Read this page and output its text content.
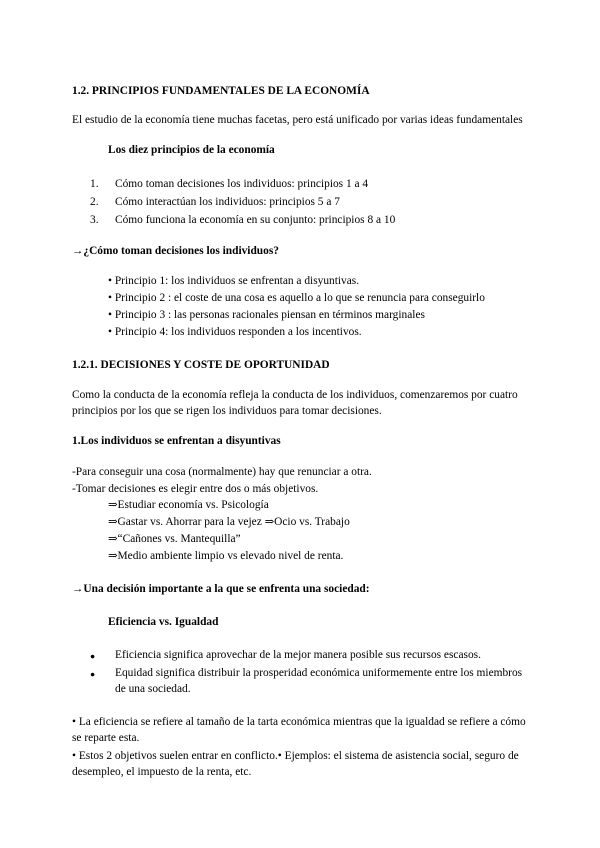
1.2. PRINCIPIOS FUNDAMENTALES DE LA ECONOMÍA

El estudio de la economía tiene muchas facetas, pero está unificado por varias ideas fundamentales

Los diez principios de la economía

1.	Cómo toman decisiones los individuos: principios 1 a 4
2.	Cómo interactúan los individuos: principios 5 a 7
3.	Cómo funciona la economía en su conjunto: principios 8 a 10

→¿Cómo toman decisiones los individuos?

• Principio 1: los individuos se enfrentan a disyuntivas.

• Principio 2 : el coste de una cosa es aquello a lo que se renuncia para conseguirlo

• Principio 3 : las personas racionales piensan en términos marginales

• Principio 4: los individuos responden a los incentivos.

1.2.1. DECISIONES Y COSTE DE OPORTUNIDAD

Como la conducta de la economía refleja la conducta de los individuos, comenzaremos por cuatro principios por los que se rigen los individuos para tomar decisiones.

1.Los individuos se enfrentan a disyuntivas

-Para conseguir una cosa (normalmente) hay que renunciar a otra.

-Tomar decisiones es elegir entre dos o más objetivos.

⇒Estudiar economía vs. Psicología

⇒Gastar vs. Ahorrar para la vejez ⇒Ocio vs. Trabajo

⇒“Cañones vs. Mantequilla”

⇒Medio ambiente limpio vs elevado nivel de renta.

→Una decisión importante a la que se enfrenta una sociedad:

Eficiencia vs. Igualdad

●	Eficiencia significa aprovechar de la mejor manera posible sus recursos escasos.
●	Equidad significa distribuir la prosperidad económica uniformemente entre los miembros de una sociedad.

• La eficiencia se refiere al tamaño de la tarta económica mientras que la igualdad se refiere a cómo se reparte esta.

• Estos 2 objetivos suelen entrar en conflicto.• Ejemplos: el sistema de asistencia social, seguro de desempleo, el impuesto de la renta, etc.
